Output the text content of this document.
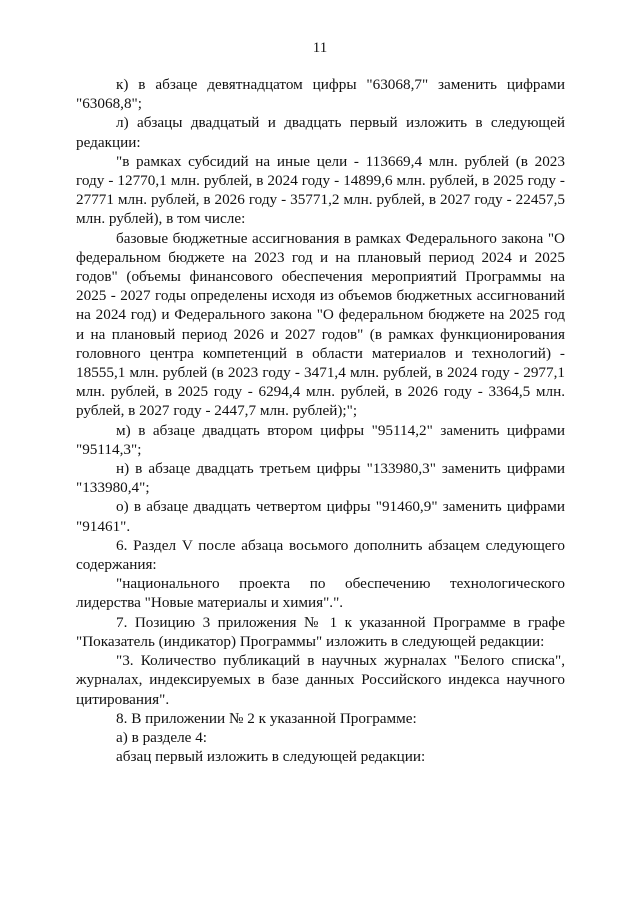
11

к) в абзаце девятнадцатом цифры "63068,7" заменить цифрами "63068,8";

л) абзацы двадцатый и двадцать первый изложить в следующей редакции:

"в рамках субсидий на иные цели - 113669,4 млн. рублей (в 2023 году - 12770,1 млн. рублей, в 2024 году - 14899,6 млн. рублей, в 2025 году - 27771 млн. рублей, в 2026 году - 35771,2 млн. рублей, в 2027 году - 22457,5 млн. рублей), в том числе:

базовые бюджетные ассигнования в рамках Федерального закона "О федеральном бюджете на 2023 год и на плановый период 2024 и 2025 годов" (объемы финансового обеспечения мероприятий Программы на 2025 - 2027 годы определены исходя из объемов бюджетных ассигнований на 2024 год) и Федерального закона "О федеральном бюджете на 2025 год и на плановый период 2026 и 2027 годов" (в рамках функционирования головного центра компетенций в области материалов и технологий) - 18555,1 млн. рублей (в 2023 году - 3471,4 млн. рублей, в 2024 году - 2977,1 млн. рублей, в 2025 году - 6294,4 млн. рублей, в 2026 году - 3364,5 млн. рублей, в 2027 году - 2447,7 млн. рублей);";

м) в абзаце двадцать втором цифры "95114,2" заменить цифрами "95114,3";

н) в абзаце двадцать третьем цифры "133980,3" заменить цифрами "133980,4";

о) в абзаце двадцать четвертом цифры "91460,9" заменить цифрами "91461".

6. Раздел V после абзаца восьмого дополнить абзацем следующего содержания:

"национального проекта по обеспечению технологического лидерства "Новые материалы и химия".".

7. Позицию 3 приложения № 1 к указанной Программе в графе "Показатель (индикатор) Программы" изложить в следующей редакции:

"3. Количество публикаций в научных журналах "Белого списка", журналах, индексируемых в базе данных Российского индекса научного цитирования".

8. В приложении № 2 к указанной Программе:

а) в разделе 4:

абзац первый изложить в следующей редакции:
